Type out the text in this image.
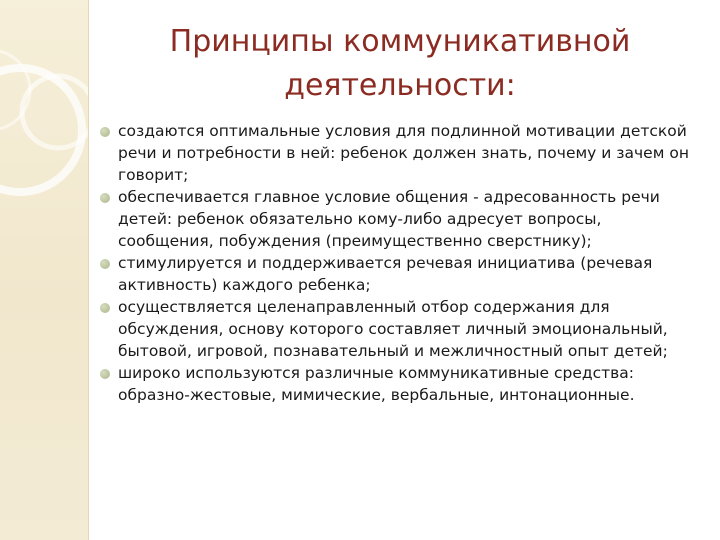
Принципы коммуникативной деятельности:
создаются оптимальные условия для подлинной мотивации детской речи и потребности в ней: ребенок должен знать, почему и зачем он говорит;
обеспечивается главное условие общения - адресованность речи детей: ребенок обязательно кому-либо адресует вопросы, сообщения, побуждения (преимущественно сверстнику);
стимулируется и поддерживается речевая инициатива (речевая активность) каждого ребенка;
осуществляется целенаправленный отбор содержания для обсуждения, основу которого составляет личный эмоциональный, бытовой, игровой, познавательный и межличностный опыт детей;
широко используются различные коммуникативные средства: образно-жестовые, мимические, вербальные, интонационные.
